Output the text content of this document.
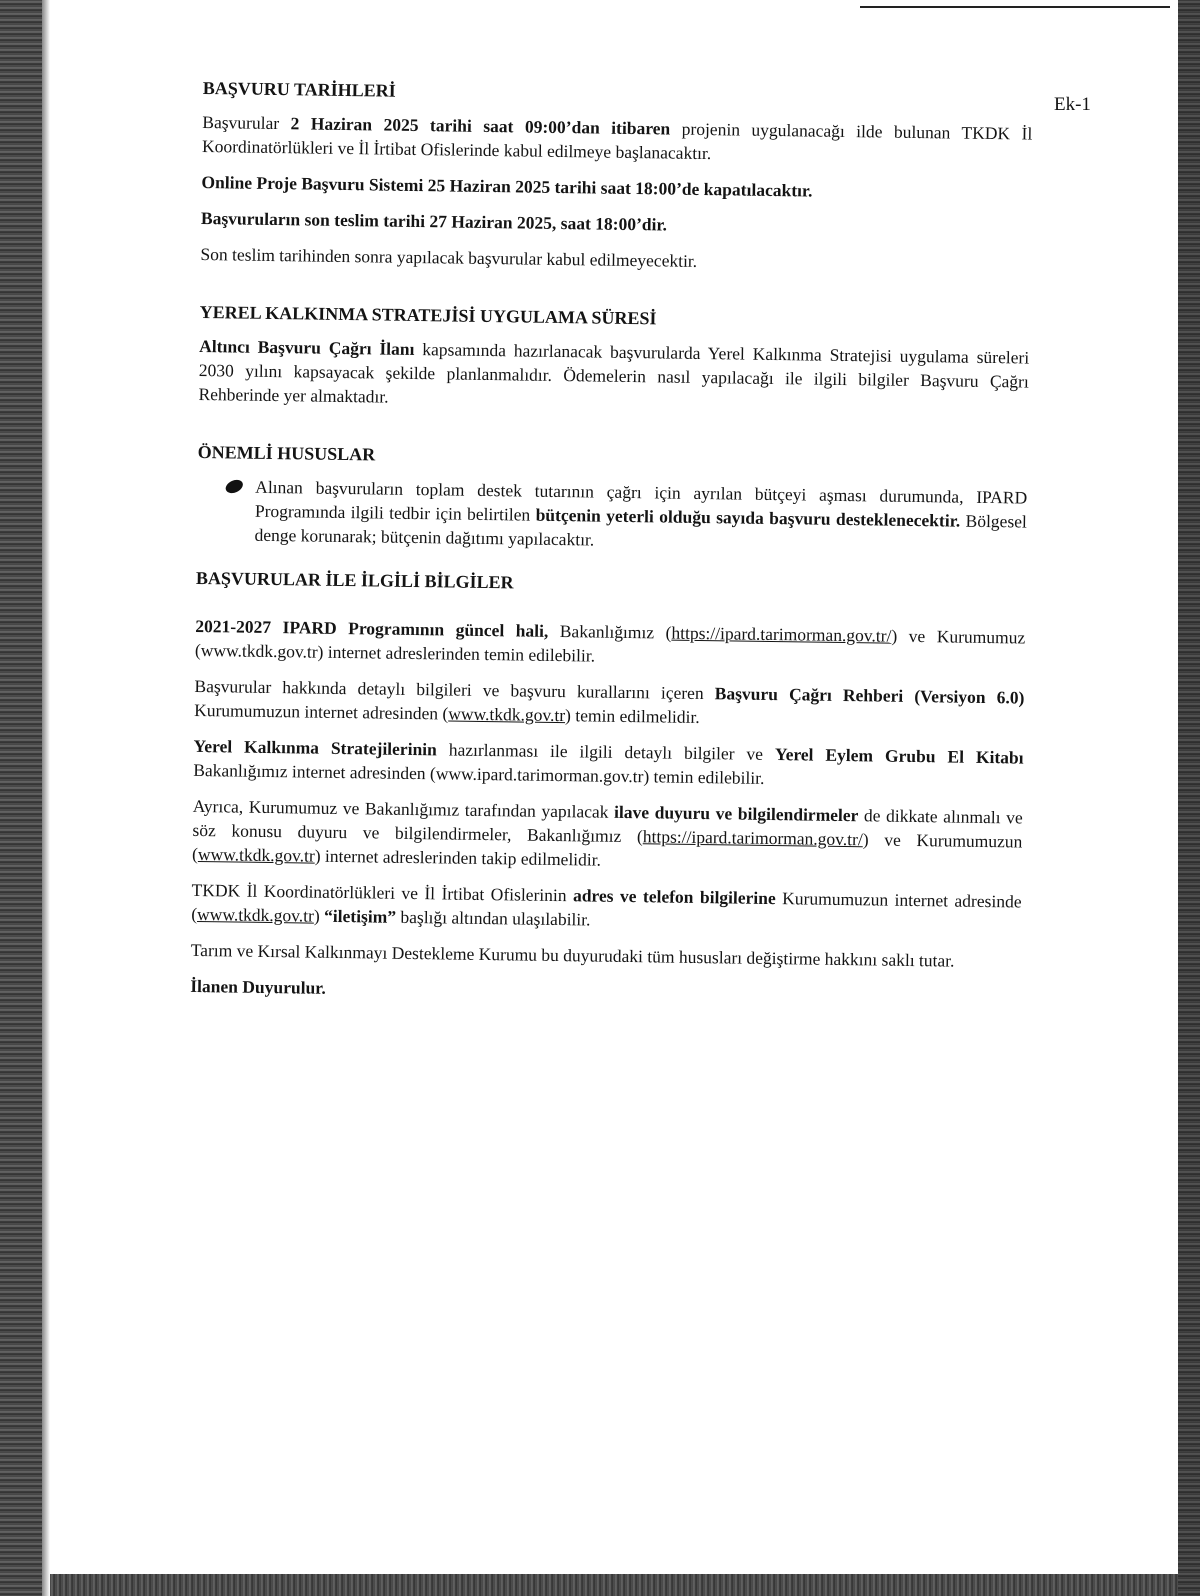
Ek-1
BAŞVURU TARİHLERİ
Başvurular 2 Haziran 2025 tarihi saat 09:00’dan itibaren projenin uygulanacağı ilde bulunan TKDK İl Koordinatörlükleri ve İl İrtibat Ofislerinde kabul edilmeye başlanacaktır.
Online Proje Başvuru Sistemi 25 Haziran 2025 tarihi saat 18:00’de kapatılacaktır.
Başvuruların son teslim tarihi 27 Haziran 2025, saat 18:00’dir.
Son teslim tarihinden sonra yapılacak başvurular kabul edilmeyecektir.
YEREL KALKINMA STRATEJİSİ UYGULAMA SÜRESİ
Altıncı Başvuru Çağrı İlanı kapsamında hazırlanacak başvurularda Yerel Kalkınma Stratejisi uygulama süreleri 2030 yılını kapsayacak şekilde planlanmalıdır. Ödemelerin nasıl yapılacağı ile ilgili bilgiler Başvuru Çağrı Rehberinde yer almaktadır.
ÖNEMLİ HUSUSLAR
Alınan başvuruların toplam destek tutarının çağrı için ayrılan bütçeyi aşması durumunda, IPARD Programında ilgili tedbir için belirtilen bütçenin yeterli olduğu sayıda başvuru desteklenecektir. Bölgesel denge korunarak; bütçenin dağıtımı yapılacaktır.
BAŞVURULAR İLE İLGİLİ BİLGİLER
2021-2027 IPARD Programının güncel hali, Bakanlığımız (https://ipard.tarimorman.gov.tr/) ve Kurumumuz (www.tkdk.gov.tr) internet adreslerinden temin edilebilir.
Başvurular hakkında detaylı bilgileri ve başvuru kurallarını içeren Başvuru Çağrı Rehberi (Versiyon 6.0) Kurumumuzun internet adresinden (www.tkdk.gov.tr) temin edilmelidir.
Yerel Kalkınma Stratejilerinin hazırlanması ile ilgili detaylı bilgiler ve Yerel Eylem Grubu El Kitabı Bakanlığımız internet adresinden (www.ipard.tarimorman.gov.tr) temin edilebilir.
Ayrıca, Kurumumuz ve Bakanlığımız tarafından yapılacak ilave duyuru ve bilgilendirmeler de dikkate alınmalı ve söz konusu duyuru ve bilgilendirmeler, Bakanlığımız (https://ipard.tarimorman.gov.tr/) ve Kurumumuzun (www.tkdk.gov.tr) internet adreslerinden takip edilmelidir.
TKDK İl Koordinatörlükleri ve İl İrtibat Ofislerinin adres ve telefon bilgilerine Kurumumuzun internet adresinde (www.tkdk.gov.tr) “iletişim” başlığı altından ulaşılabilir.
Tarım ve Kırsal Kalkınmayı Destekleme Kurumu bu duyurudaki tüm hususları değiştirme hakkını saklı tutar.
İlanen Duyurulur.
